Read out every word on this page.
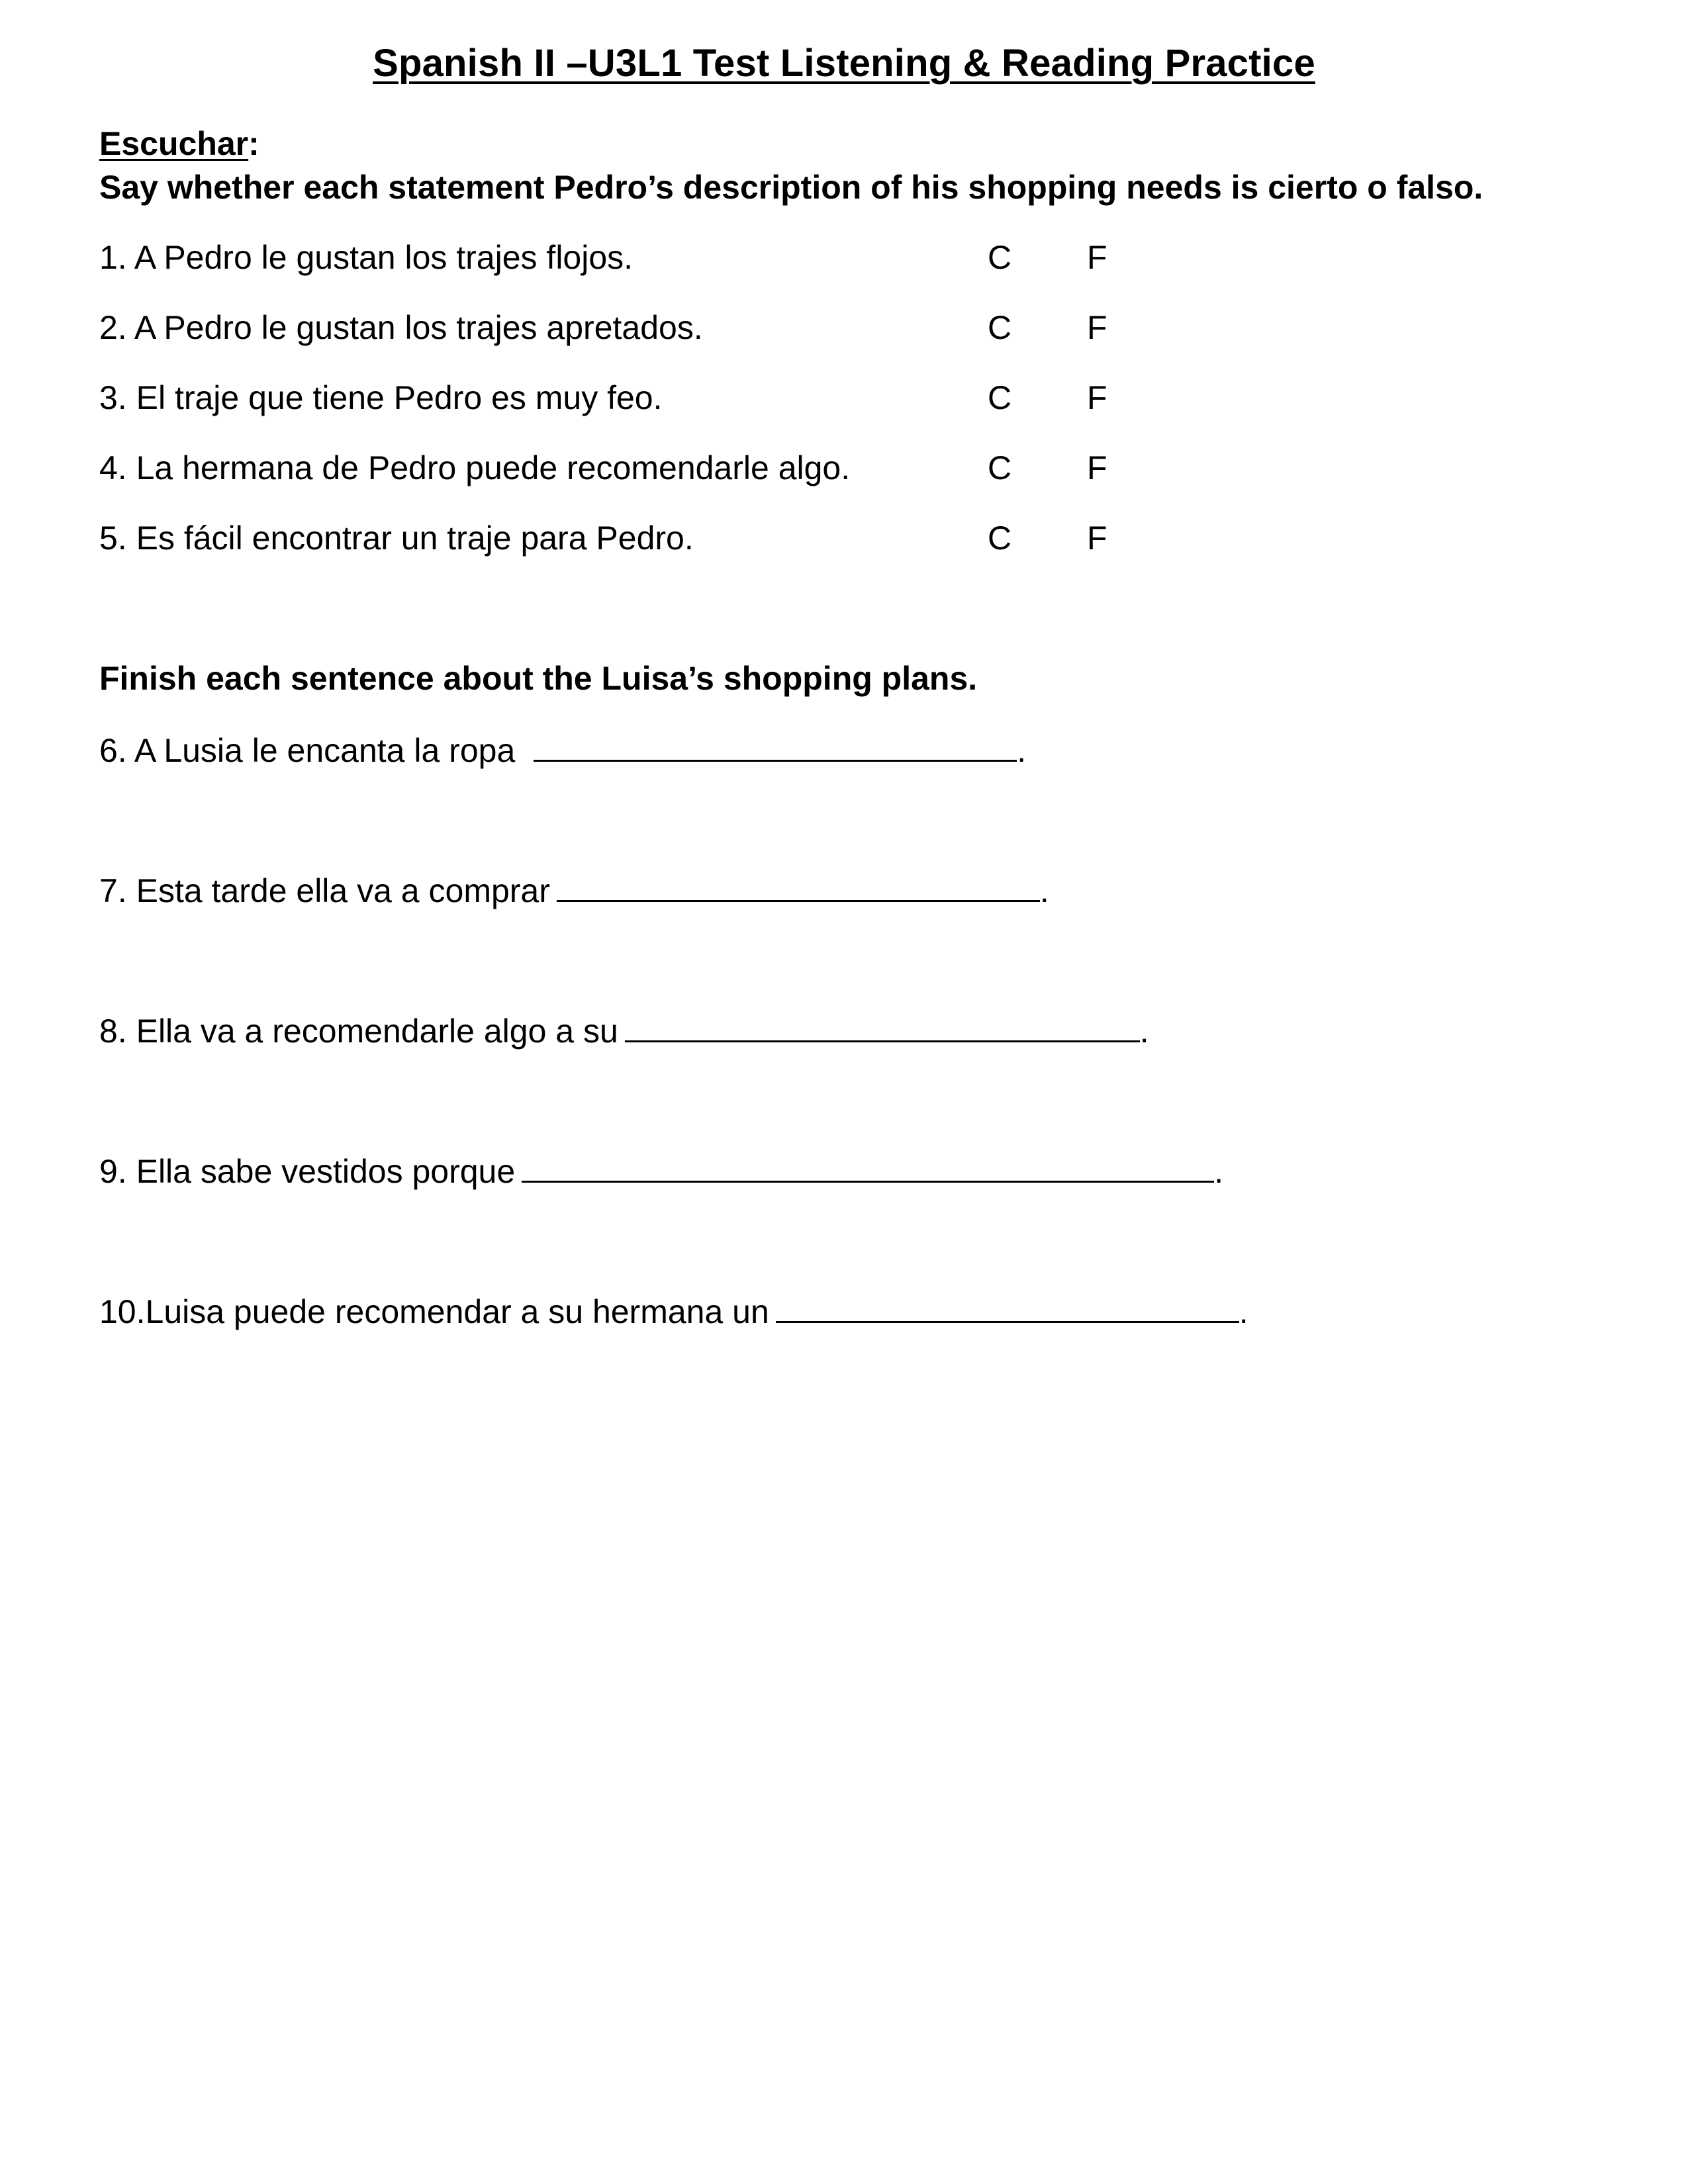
Spanish II –U3L1 Test Listening & Reading Practice
Escuchar:
Say whether each statement Pedro’s description of his shopping needs is cierto o falso.
1. A Pedro le gustan los trajes flojos.	C F
2. A Pedro le gustan los trajes apretados.	C F
3. El traje que tiene Pedro es muy feo.	C F
4. La hermana de Pedro puede recomendarle algo.	C F
5. Es fácil encontrar un traje para Pedro.	C F
Finish each sentence about the Luisa’s shopping plans.
6. A Lusia le encanta la ropa	.
7. Esta tarde ella va a comprar	.
8. Ella va a recomendarle algo a su	.
9. Ella sabe vestidos porque	.
10.Luisa puede recomendar a su hermana un	.
